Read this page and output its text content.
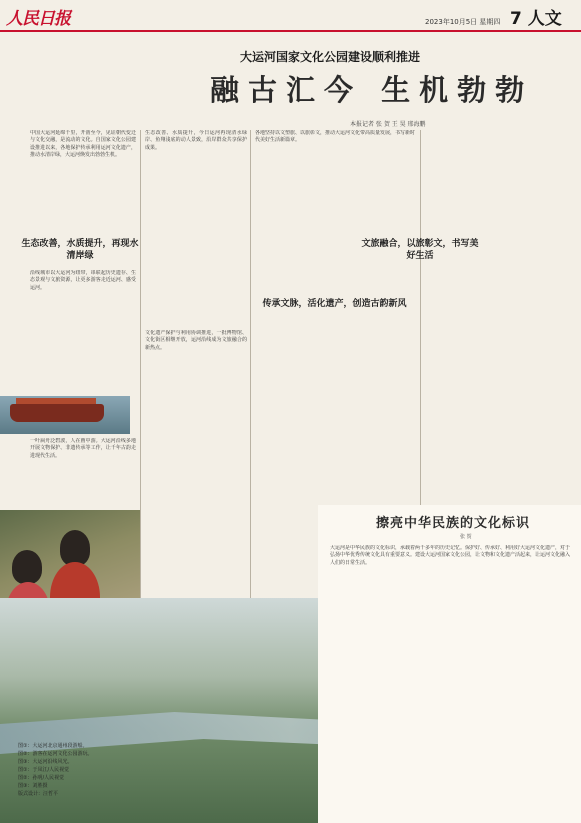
人民日报	2023年10月5日 星期四 7 人文
大运河国家文化公园建设顺利推进
融古汇今 生机勃勃
本报记者 张 贺 王 昊 邢海鹏
中国大运河延绵千里，开凿至今，见证朝代变迁与文化交融，是流动的文化。自国家文化公园建设推进以来，各地保护传承利用运河文化遗产，推动水清岸绿，大运河焕发出勃勃生机。
生态改善，水质提升，再现水清岸绿
沿线城市以大运河为纽带，串联起历史遗存、生态景观与文旅资源，让更多游客走近运河、感受运河。
一叶扁舟泛碧波，人在画中游。大运河沿线多地开展文物保护、非遗传承等工作，让千年古韵走进现代生活。
生态改善、水质提升，今日运河再现清水绿岸、鱼翔浅底的动人景致，沿岸群众共享保护成果。
传承文脉，活化遗产，创造古韵新风
文化遗产保护与利用协调推进，一批博物馆、文化街区相继开放，运河沿线成为文旅融合的新热点。
各地坚持以文塑旅、以旅彰文，推动大运河文化带高质量发展，书写新时代美好生活新篇章。
文旅融合，以旅彰文，书写美好生活
擦亮中华民族的文化标识
张 贺
大运河是中华民族的文化标识，承载着两千多年的历史记忆。保护好、传承好、利用好大运河文化遗产，对于弘扬中华优秀传统文化具有重要意义。建设大运河国家文化公园，让文物和文化遗产活起来，让运河文化融入人们的日常生活。
图①：大运河北京通州段游船。
图②：游客在运河文化公园游玩。
图③：大运河沿线风光。
图①：于凤江/人民视觉
图②：孙明/人民视觉
图③：刘胜摄
版式设计：汪哲平
